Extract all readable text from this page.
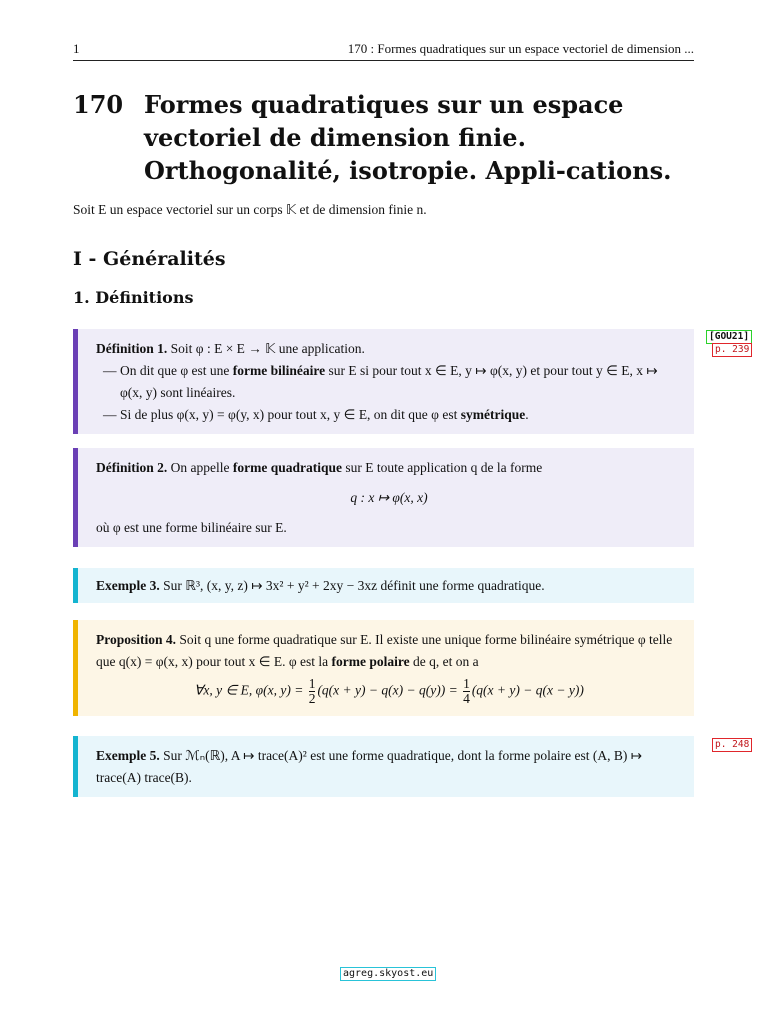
1	170 : Formes quadratiques sur un espace vectoriel de dimension ...
170 Formes quadratiques sur un espace vectoriel de dimension finie. Orthogonalité, isotropie. Appli-cations.
Soit E un espace vectoriel sur un corps 𝕂 et de dimension finie n.
I - Généralités
1. Définitions
Définition 1. Soit φ : E × E → 𝕂 une application.
— On dit que φ est une forme bilinéaire sur E si pour tout x ∈ E, y ↦ φ(x, y) et pour tout y ∈ E, x ↦ φ(x, y) sont linéaires.
— Si de plus φ(x, y) = φ(y, x) pour tout x, y ∈ E, on dit que φ est symétrique.
Définition 2. On appelle forme quadratique sur E toute application q de la forme
q : x ↦ φ(x, x)
où φ est une forme bilinéaire sur E.
Exemple 3. Sur ℝ³, (x, y, z) ↦ 3x² + y² + 2xy − 3xz définit une forme quadratique.
Proposition 4. Soit q une forme quadratique sur E. Il existe une unique forme bilinéaire symétrique φ telle que q(x) = φ(x, x) pour tout x ∈ E. φ est la forme polaire de q, et on a
∀x, y ∈ E, φ(x, $y) = \frac{1}{2} (q(x + y) - q(x) - q(y)) = \frac{1}{4} (q(x + y) - q(x - y))$
Exemple 5. Sur ℳₙ(ℝ), A ↦ trace(A)² est une forme quadratique, dont la forme polaire est (A, B) ↦ trace(A) trace(B).
[GOU21]
p. 239
p. 248
agreg.skyost.eu
